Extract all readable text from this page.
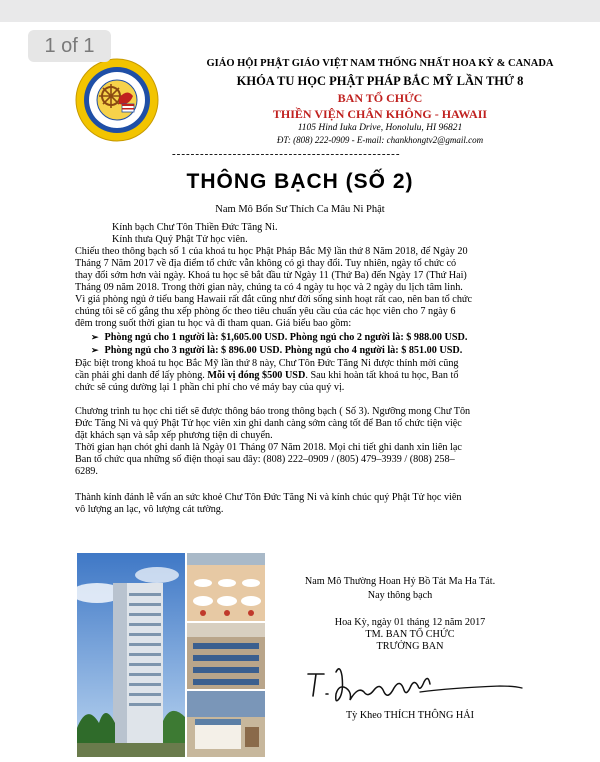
GIÁO HỘI PHẬT GIÁO VIỆT NAM THỐNG NHẤT HOA KỲ & CANADA
KHÓA TU HỌC PHẬT PHÁP BẮC MỸ LẦN THỨ 8
BAN TỔ CHỨC
THIỀN VIỆN CHÂN KHÔNG - HAWAII
1105 Hind Iuka Drive, Honolulu, HI 96821
ĐT: (808) 222-0909 - E-mail: chankhongtv2@gmail.com
-------------------------------------------------
THÔNG BẠCH (SỐ 2)
Nam Mô Bổn Sư Thích Ca Mâu Ni Phật
Kính bạch Chư Tôn Thiền Đức Tăng Ni.
Kính thưa Quý Phật Tử học viên.
Chiếu theo thông bạch số 1 của khoá tu học Phật Pháp Bắc Mỹ lần thứ 8 Năm 2018, để Ngày 20
Tháng 7 Năm 2017 về địa điểm tổ chức vẫn không có gì thay đổi. Tuy nhiên, ngày tổ chức có
thay đổi sớm hơn vài ngày. Khoá tu học sẽ bắt đầu từ Ngày 11 (Thứ Ba) đến Ngày 17 (Thứ Hai)
Tháng 09 năm 2018. Trong thời gian này, chúng ta có 4 ngày tu học và 2 ngày du lịch tâm linh.
Vì giá phòng ngủ ở tiểu bang Hawaii rất đắt cũng như đời sống sinh hoạt rất cao, nên ban tổ chức
chúng tôi sẽ cố gắng thu xếp phòng ốc theo tiêu chuẩn yêu cầu của các học viên cho 7 ngày 6
đêm trong suốt thời gian tu học và đi tham quan. Giá biểu bao gồm:
➢ Phòng ngủ cho 1 người là: $1,605.00 USD. Phòng ngủ cho 2 người là: $ 988.00 USD.
➢ Phòng ngủ cho 3 người là: $ 896.00 USD. Phòng ngủ cho 4 người là: $ 851.00 USD.
Đặc biệt trong khoá tu học Bắc Mỹ lần thứ 8 này, Chư Tôn Đức Tăng Ni được thỉnh mời cũng
cần phải ghi danh để lấy phòng. Mỗi vị đóng $500 USD. Sau khi hoàn tất khoá tu học, Ban tổ
chức sẽ cúng dường lại 1 phần chi phí cho vé máy bay của quý vị.
Chương trình tu học chi tiết sẽ được thông báo trong thông bạch ( Số 3). Ngưỡng mong Chư Tôn
Đức Tăng Ni và quý Phật Tử học viên xin ghi danh càng sớm càng tốt để Ban tổ chức tiện việc
đặt khách sạn và sắp xếp phương tiện di chuyển.
Thời gian hạn chót ghi danh là Ngày 01 Tháng 07 Năm 2018. Mọi chi tiết ghi danh xin liên lạc
Ban tổ chức qua những số điện thoại sau đây: (808) 222–0909 / (805) 479–3939 / (808) 258–
6289.
Thành kính đảnh lễ vấn an sức khoẻ Chư Tôn Đức Tăng Ni và kính chúc quý Phật Tử học viên
vô lượng an lạc, vô lượng cát tường.
Nam Mô Thường Hoan Hỷ Bồ Tát Ma Ha Tát.
Nay thông bạch
Hoa Kỳ, ngày 01 tháng 12 năm 2017
TM. BAN TỔ CHỨC
TRƯỞNG BAN
Tỳ Kheo THÍCH THÔNG HẢI
1 of 1
